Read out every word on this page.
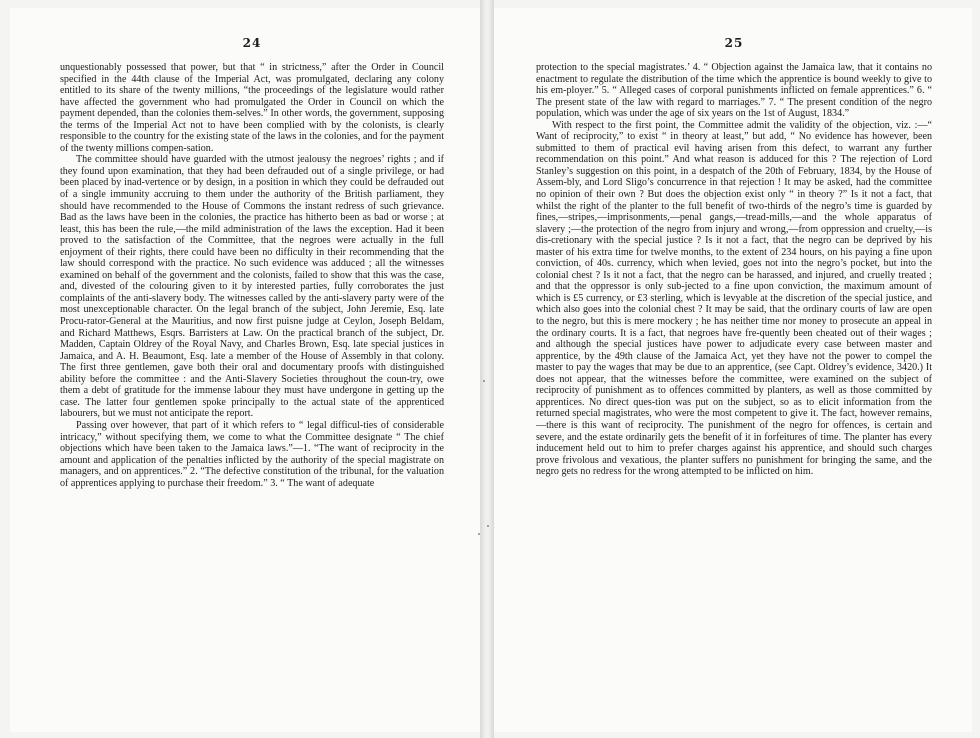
24

unquestionably possessed that power, but that “ in strictness,” after the Order in Council specified in the 44th clause of the Imperial Act, was promulgated, declaring any colony entitled to its share of the twenty millions, “the proceedings of the legislature would rather have affected the government who had promulgated the Order in Council on which the payment depended, than the colonies them-selves.” In other words, the government, supposing the terms of the Imperial Act not to have been complied with by the colonists, is clearly responsible to the country for the existing state of the laws in the colonies, and for the payment of the twenty millions compen-sation.

The committee should have guarded with the utmost jealousy the negroes’ rights ; and if they found upon examination, that they had been defrauded out of a single privilege, or had been placed by inad-vertence or by design, in a position in which they could be defrauded out of a single immunity accruing to them under the authority of the British parliament, they should have recommended to the House of Commons the instant redress of such grievance. Bad as the laws have been in the colonies, the practice has hitherto been as bad or worse ; at least, this has been the rule,—the mild administration of the laws the exception. Had it been proved to the satisfaction of the Committee, that the negroes were actually in the full enjoyment of their rights, there could have been no difficulty in their recommending that the law should correspond with the practice. No such evidence was adduced ; all the witnesses examined on behalf of the government and the colonists, failed to show that this was the case, and, divested of the colouring given to it by interested parties, fully corroborates the just complaints of the anti-slavery body. The witnesses called by the anti-slavery party were of the most unexceptionable character. On the legal branch of the subject, John Jeremie, Esq. late Procu-rator-General at the Mauritius, and now first puisne judge at Ceylon, Joseph Beldam, and Richard Matthews, Esqrs. Barristers at Law. On the practical branch of the subject, Dr. Madden, Captain Oldrey of the Royal Navy, and Charles Brown, Esq. late special justices in Jamaica, and A. H. Beaumont, Esq. late a member of the House of Assembly in that colony. The first three gentlemen, gave both their oral and documentary proofs with distinguished ability before the committee : and the Anti-Slavery Societies throughout the coun-try, owe them a debt of gratitude for the immense labour they must have undergone in getting up the case. The latter four gentlemen spoke principally to the actual state of the apprenticed labourers, but we must not anticipate the report.

Passing over however, that part of it which refers to “ legal difficul-ties of considerable intricacy,” without specifying them, we come to what the Committee designate “ The chief objections which have been taken to the Jamaica laws.”—1. “The want of reciprocity in the amount and application of the penalties inflicted by the authority of the special magistrate on managers, and on apprentices.” 2. “The defective constitution of the tribunal, for the valuation of apprentices applying to purchase their freedom.” 3. “ The want of adequate

25

protection to the special magistrates.’ 4. “ Objection against the Jamaica law, that it contains no enactment to regulate the distribution of the time which the apprentice is bound weekly to give to his em-ployer.” 5. “ Alleged cases of corporal punishments inflicted on female apprentices.” 6. “ The present state of the law with regard to marriages.” 7. “ The present condition of the negro population, which was under the age of six years on the 1st of August, 1834.”

With respect to the first point, the Committee admit the validity of the objection, viz. :—“ Want of reciprocity,” to exist “ in theory at least,” but add, “ No evidence has however, been submitted to them of practical evil having arisen from this defect, to warrant any further recommendation on this point.” And what reason is adduced for this ? The rejection of Lord Stanley’s suggestion on this point, in a despatch of the 20th of February, 1834, by the House of Assem-bly, and Lord Sligo’s concurrence in that rejection ! It may be asked, had the committee no opinion of their own ? But does the objection exist only “ in theory ?” Is it not a fact, that whilst the right of the planter to the full benefit of two-thirds of the negro’s time is guarded by fines,—stripes,—imprisonments,—penal gangs,—tread-mills,—and the whole apparatus of slavery ;—the protection of the negro from injury and wrong,—from oppression and cruelty,—is dis-cretionary with the special justice ? Is it not a fact, that the negro can be deprived by his master of his extra time for twelve months, to the extent of 234 hours, on his paying a fine upon conviction, of 40s. currency, which when levied, goes not into the negro’s pocket, but into the colonial chest ? Is it not a fact, that the negro can be harassed, and injured, and cruelly treated ; and that the oppressor is only sub-jected to a fine upon conviction, the maximum amount of which is £5 currency, or £3 sterling, which is levyable at the discretion of the special justice, and which also goes into the colonial chest ? It may be said, that the ordinary courts of law are open to the negro, but this is mere mockery ; he has neither time nor money to prosecute an appeal in the ordinary courts. It is a fact, that negroes have fre-quently been cheated out of their wages ; and although the special justices have power to adjudicate every case between master and apprentice, by the 49th clause of the Jamaica Act, yet they have not the power to compel the master to pay the wages that may be due to an apprentice, (see Capt. Oldrey’s evidence, 3420.) It does not appear, that the witnesses before the committee, were examined on the subject of reciprocity of punishment as to offences committed by planters, as well as those committed by apprentices. No direct ques-tion was put on the subject, so as to elicit information from the returned special magistrates, who were the most competent to give it. The fact, however remains,—there is this want of reciprocity. The punishment of the negro for offences, is certain and severe, and the estate ordinarily gets the benefit of it in forfeitures of time. The planter has every inducement held out to him to prefer charges against his apprentice, and should such charges prove frivolous and vexatious, the planter suffers no punishment for bringing the same, and the negro gets no redress for the wrong attempted to be inflicted on him.
